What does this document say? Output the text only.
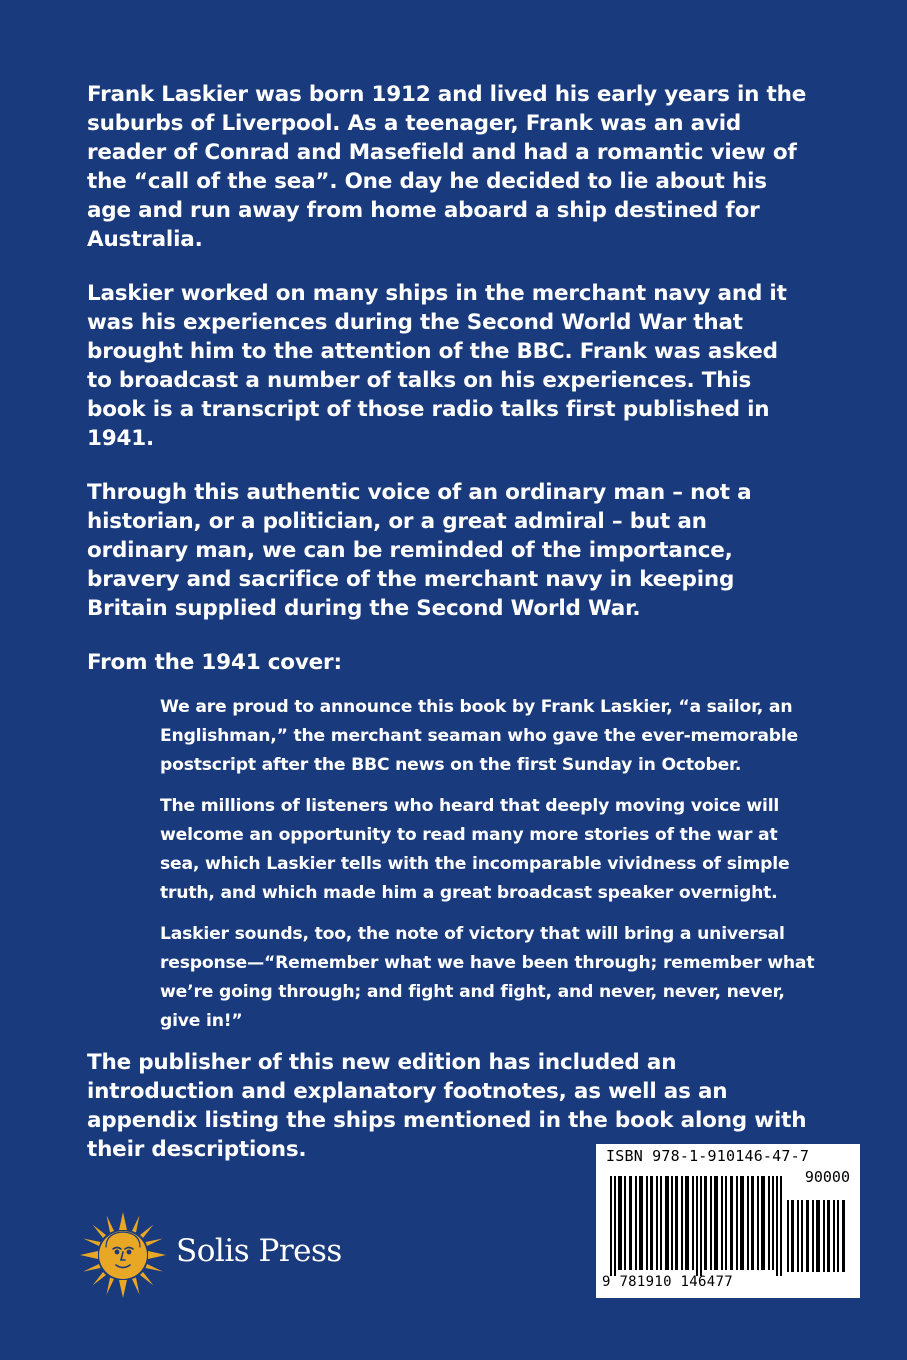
Frank Laskier was born 1912 and lived his early years in the suburbs of Liverpool. As a teenager, Frank was an avid reader of Conrad and Masefield and had a romantic view of the “call of the sea”. One day he decided to lie about his age and run away from home aboard a ship destined for Australia.

Laskier worked on many ships in the merchant navy and it was his experiences during the Second World War that brought him to the attention of the BBC. Frank was asked to broadcast a number of talks on his experiences. This book is a transcript of those radio talks first published in 1941.

Through this authentic voice of an ordinary man – not a historian, or a politician, or a great admiral – but an ordinary man, we can be reminded of the importance, bravery and sacrifice of the merchant navy in keeping Britain supplied during the Second World War.

From the 1941 cover:

We are proud to announce this book by Frank Laskier, “a sailor, an Englishman,” the merchant seaman who gave the ever-memorable postscript after the BBC news on the first Sunday in October.

The millions of listeners who heard that deeply moving voice will welcome an opportunity to read many more stories of the war at sea, which Laskier tells with the incomparable vividness of simple truth, and which made him a great broadcast speaker overnight.

Laskier sounds, too, the note of victory that will bring a universal response—“Remember what we have been through; remember what we’re going through; and fight and fight, and never, never, never, give in!”

The publisher of this new edition has included an introduction and explanatory footnotes, as well as an appendix listing the ships mentioned in the book along with their descriptions.

Solis Press
ISBN 978-1-910146-47-7
90000
9 781910 146477
